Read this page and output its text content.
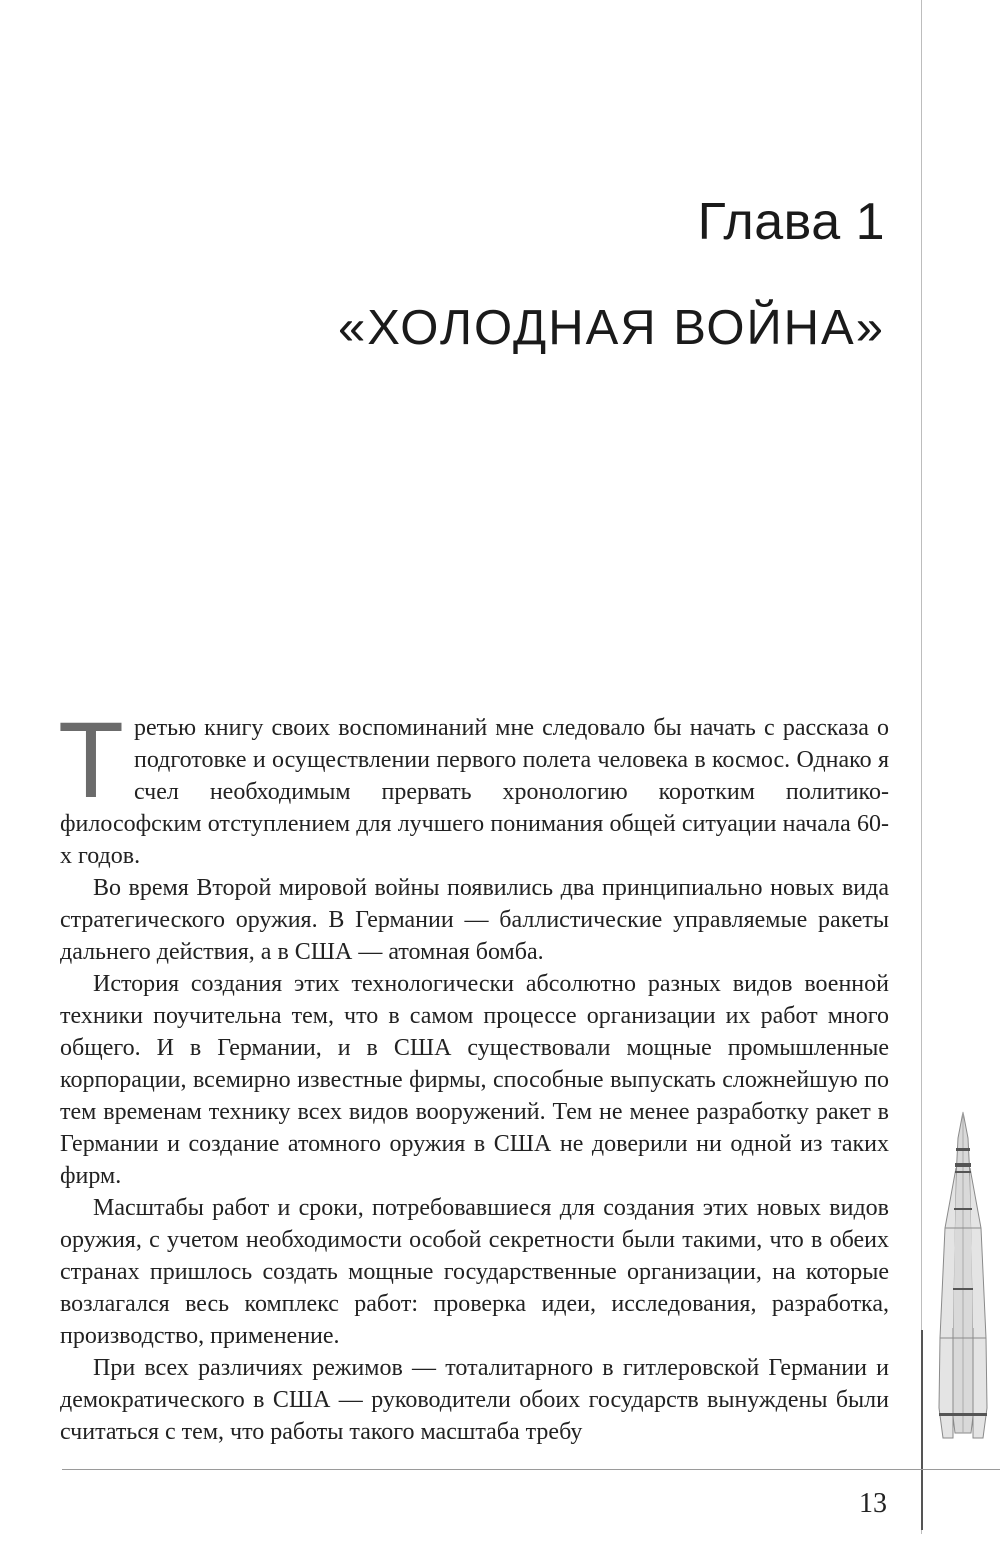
Глава 1
«ХОЛОДНАЯ ВОЙНА»

Третью книгу своих воспоминаний мне следовало бы начать с рассказа о подготовке и осуществлении первого полета человека в космос. Однако я счел необходимым прервать хронологию коротким политико-философским отступлением для лучшего понимания общей ситуации начала 60-х годов.

Во время Второй мировой войны появились два принципиально новых вида стратегического оружия. В Германии — баллистические управляемые ракеты дальнего действия, а в США — атомная бомба.

История создания этих технологически абсолютно разных видов военной техники поучительна тем, что в самом процессе организации их работ много общего. И в Германии, и в США существовали мощные промышленные корпорации, всемирно известные фирмы, способные выпускать сложнейшую по тем временам технику всех видов вооружений. Тем не менее разработку ракет в Германии и создание атомного оружия в США не доверили ни одной из таких фирм.

Масштабы работ и сроки, потребовавшиеся для создания этих новых видов оружия, с учетом необходимости особой секретности были такими, что в обеих странах пришлось создать мощные государственные организации, на которые возлагался весь комплекс работ: проверка идеи, исследования, разработка, производство, применение.

При всех различиях режимов — тоталитарного в гитлеровской Германии и демократического в США — руководители обоих государств вынуждены были считаться с тем, что работы такого масштаба требу

13
